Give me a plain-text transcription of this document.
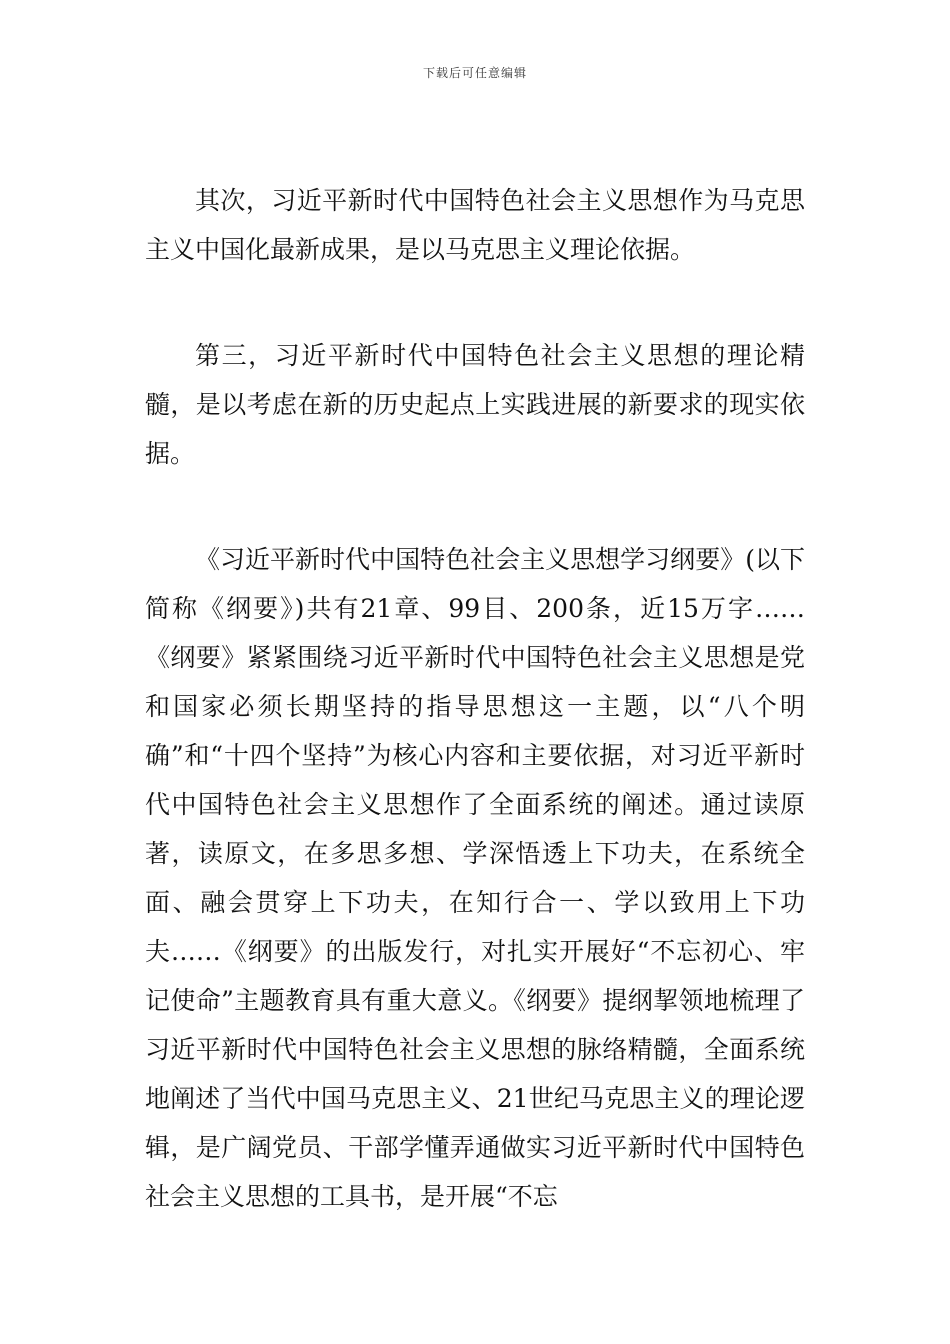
下载后可任意编辑

其次，习近平新时代中国特色社会主义思想作为马克思主义中国化最新成果，是以马克思主义理论依据。

第三，习近平新时代中国特色社会主义思想的理论精髓，是以考虑在新的历史起点上实践进展的新要求的现实依据。

《习近平新时代中国特色社会主义思想学习纲要》(以下简称《纲要》)共有21章、99目、200条，近15万字……《纲要》紧紧围绕习近平新时代中国特色社会主义思想是党和国家必须长期坚持的指导思想这一主题，以“八个明确”和“十四个坚持”为核心内容和主要依据，对习近平新时代中国特色社会主义思想作了全面系统的阐述。通过读原著，读原文，在多思多想、学深悟透上下功夫，在系统全面、融会贯穿上下功夫，在知行合一、学以致用上下功夫……《纲要》的出版发行，对扎实开展好“不忘初心、牢记使命”主题教育具有重大意义。《纲要》提纲挈领地梳理了习近平新时代中国特色社会主义思想的脉络精髓，全面系统地阐述了当代中国马克思主义、21世纪马克思主义的理论逻辑，是广阔党员、干部学懂弄通做实习近平新时代中国特色社会主义思想的工具书，是开展“不忘
